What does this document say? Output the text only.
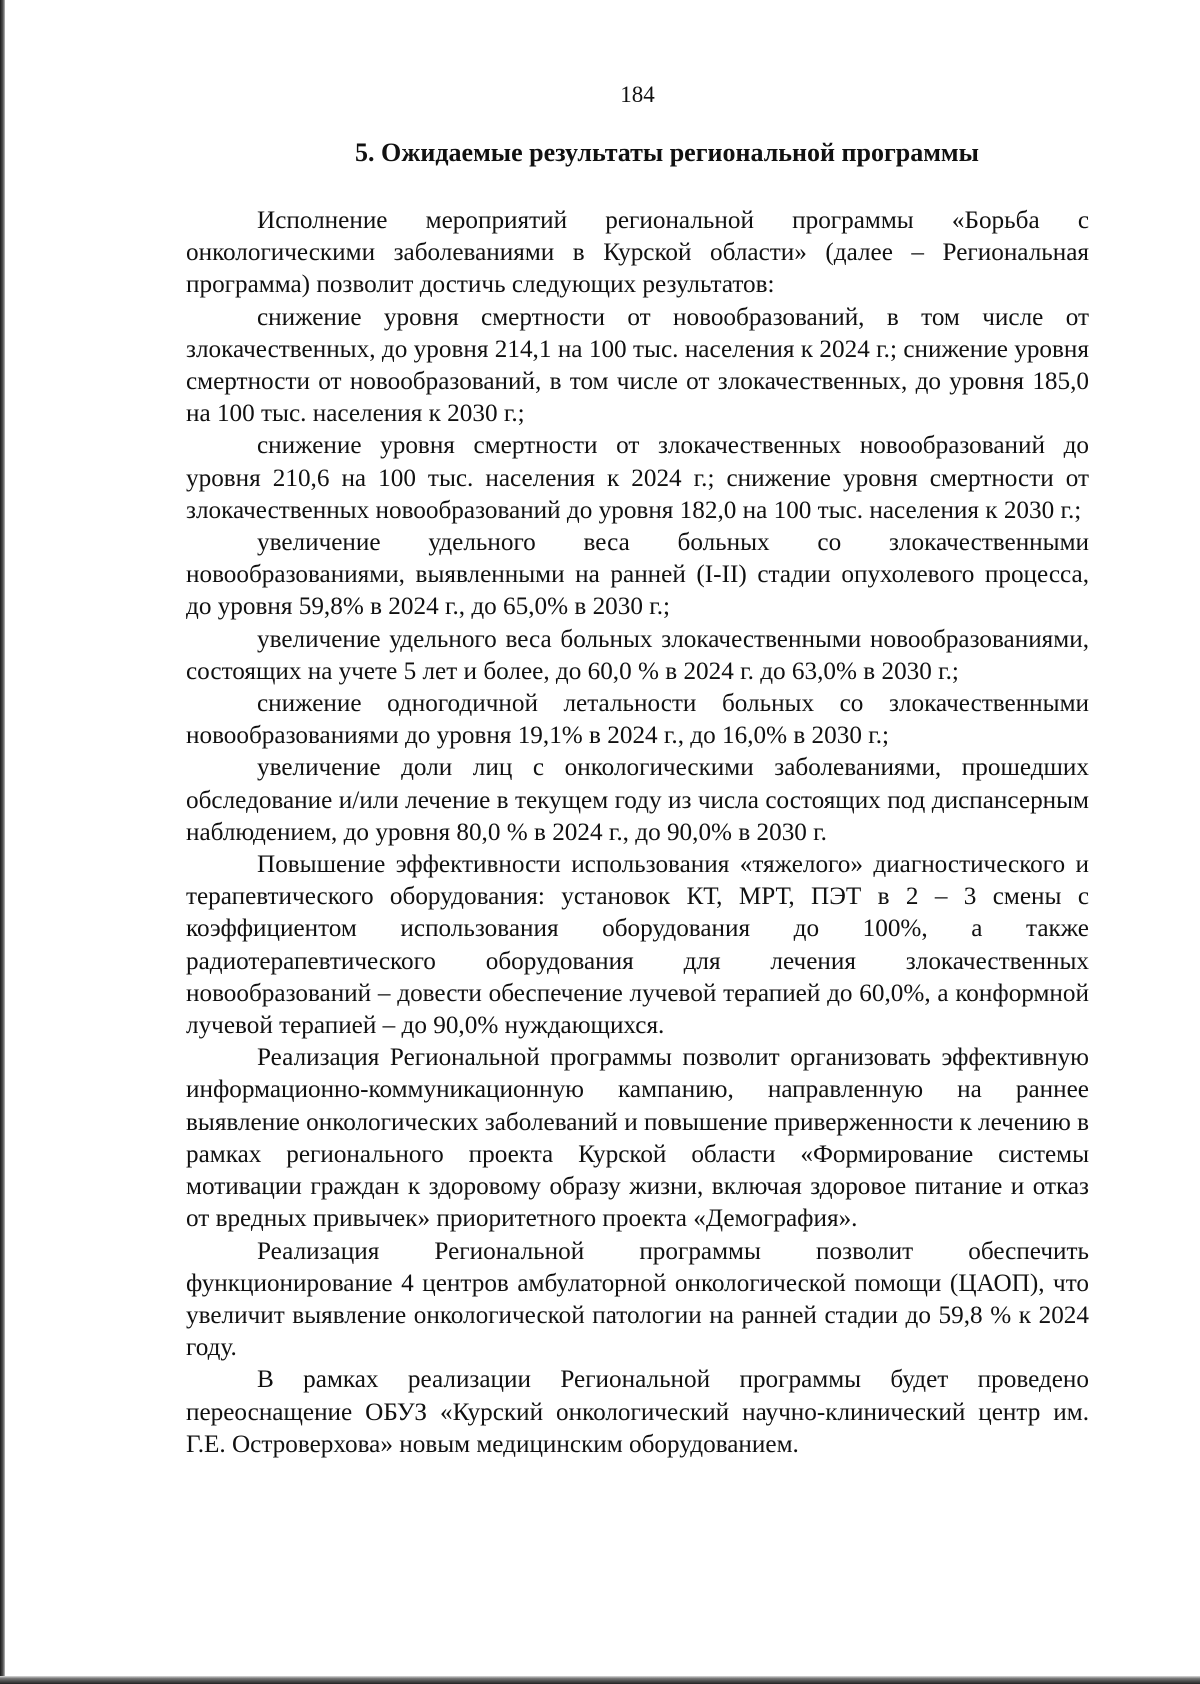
184

5. Ожидаемые результаты региональной программы

Исполнение мероприятий региональной программы «Борьба с онкологическими заболеваниями в Курской области» (далее – Региональная программа) позволит достичь следующих результатов:

снижение уровня смертности от новообразований, в том числе от злокачественных, до уровня 214,1 на 100 тыс. населения к 2024 г.; снижение уровня смертности от новообразований, в том числе от злокачественных, до уровня 185,0 на 100 тыс. населения к 2030 г.;

снижение уровня смертности от злокачественных новообразований до уровня 210,6 на 100 тыс. населения к 2024 г.; снижение уровня смертности от злокачественных новообразований до уровня 182,0 на 100 тыс. населения к 2030 г.;

увеличение удельного веса больных со злокачественными новообразованиями, выявленными на ранней (I-II) стадии опухолевого процесса, до уровня 59,8% в 2024 г., до 65,0% в 2030 г.;

увеличение удельного веса больных злокачественными новообразованиями, состоящих на учете 5 лет и более, до 60,0 % в 2024 г. до 63,0% в 2030 г.;

снижение одногодичной летальности больных со злокачественными новообразованиями до уровня 19,1% в 2024 г., до 16,0% в 2030 г.;

увеличение доли лиц с онкологическими заболеваниями, прошедших обследование и/или лечение в текущем году из числа состоящих под диспансерным наблюдением, до уровня 80,0 % в 2024 г., до 90,0% в 2030 г.

Повышение эффективности использования «тяжелого» диагностического и терапевтического оборудования: установок КТ, МРТ, ПЭТ в 2 – 3 смены с коэффициентом использования оборудования до 100%, а также радиотерапевтического оборудования для лечения злокачественных новообразований – довести обеспечение лучевой терапией до 60,0%, а конформной лучевой терапией – до 90,0% нуждающихся.

Реализация Региональной программы позволит организовать эффективную информационно-коммуникационную кампанию, направленную на раннее выявление онкологических заболеваний и повышение приверженности к лечению в рамках регионального проекта Курской области «Формирование системы мотивации граждан к здоровому образу жизни, включая здоровое питание и отказ от вредных привычек» приоритетного проекта «Демография».

Реализация Региональной программы позволит обеспечить функционирование 4 центров амбулаторной онкологической помощи (ЦАОП), что увеличит выявление онкологической патологии на ранней стадии до 59,8 % к 2024 году.

В рамках реализации Региональной программы будет проведено переоснащение ОБУЗ «Курский онкологический научно-клинический центр им. Г.Е. Островерхова» новым медицинским оборудованием.
